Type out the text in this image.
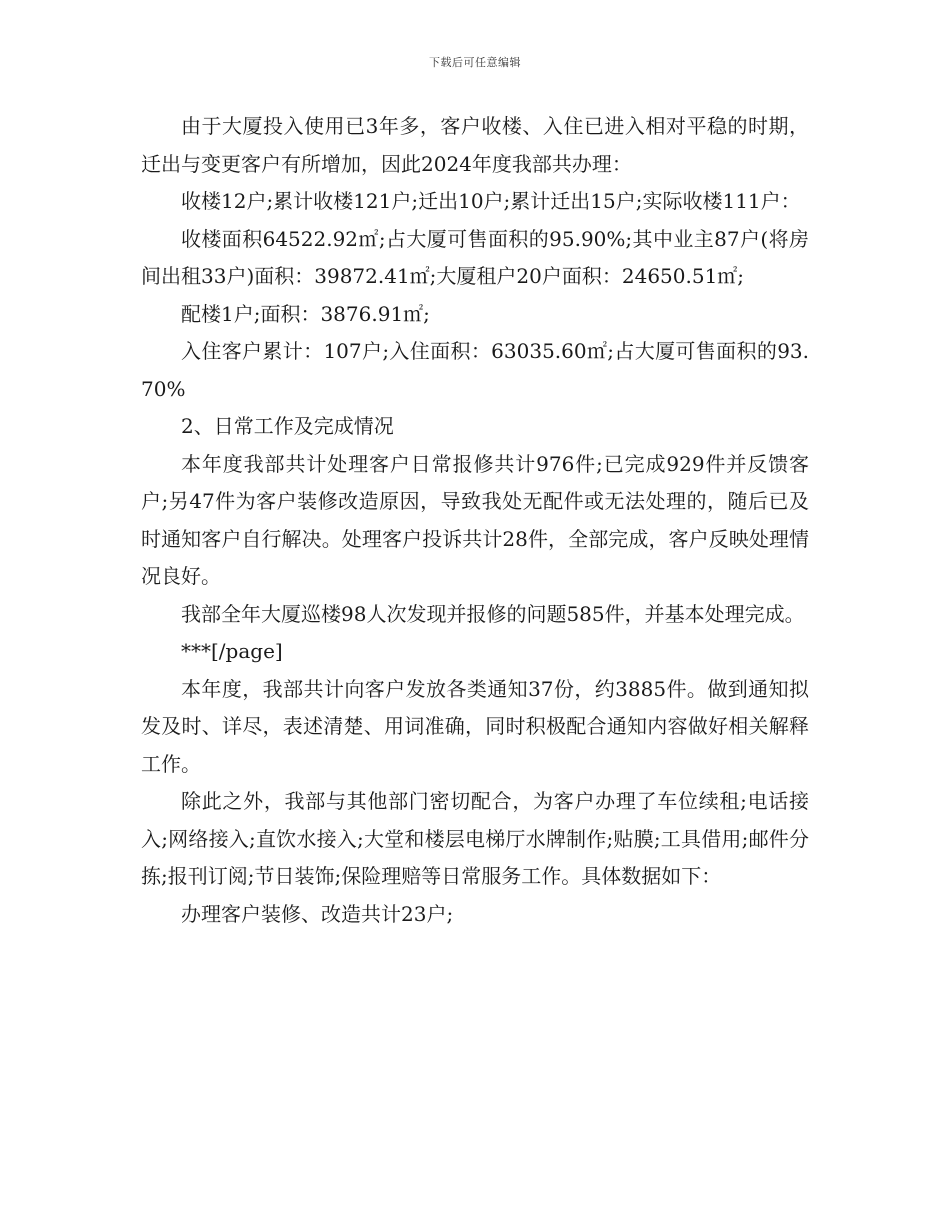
下载后可任意编辑

由于大厦投入使用已3年多，客户收楼、入住已进入相对平稳的时期，迁出与变更客户有所增加，因此2024年度我部共办理：

收楼12户;累计收楼121户;迁出10户;累计迁出15户;实际收楼111户：

收楼面积64522.92㎡;占大厦可售面积的95.90%;其中业主87户(将房间出租33户)面积：39872.41㎡;大厦租户20户面积：24650.51㎡;

配楼1户;面积：3876.91㎡;

入住客户累计：107户;入住面积：63035.60㎡;占大厦可售面积的93.70%

2、日常工作及完成情况

本年度我部共计处理客户日常报修共计976件;已完成929件并反馈客户;另47件为客户装修改造原因，导致我处无配件或无法处理的，随后已及时通知客户自行解决。处理客户投诉共计28件，全部完成，客户反映处理情况良好。

我部全年大厦巡楼98人次发现并报修的问题585件，并基本处理完成。

***[/page]

本年度，我部共计向客户发放各类通知37份，约3885件。做到通知拟发及时、详尽，表述清楚、用词准确，同时积极配合通知内容做好相关解释工作。

除此之外，我部与其他部门密切配合，为客户办理了车位续租;电话接入;网络接入;直饮水接入;大堂和楼层电梯厅水牌制作;贴膜;工具借用;邮件分拣;报刊订阅;节日装饰;保险理赔等日常服务工作。具体数据如下：

办理客户装修、改造共计23户;
